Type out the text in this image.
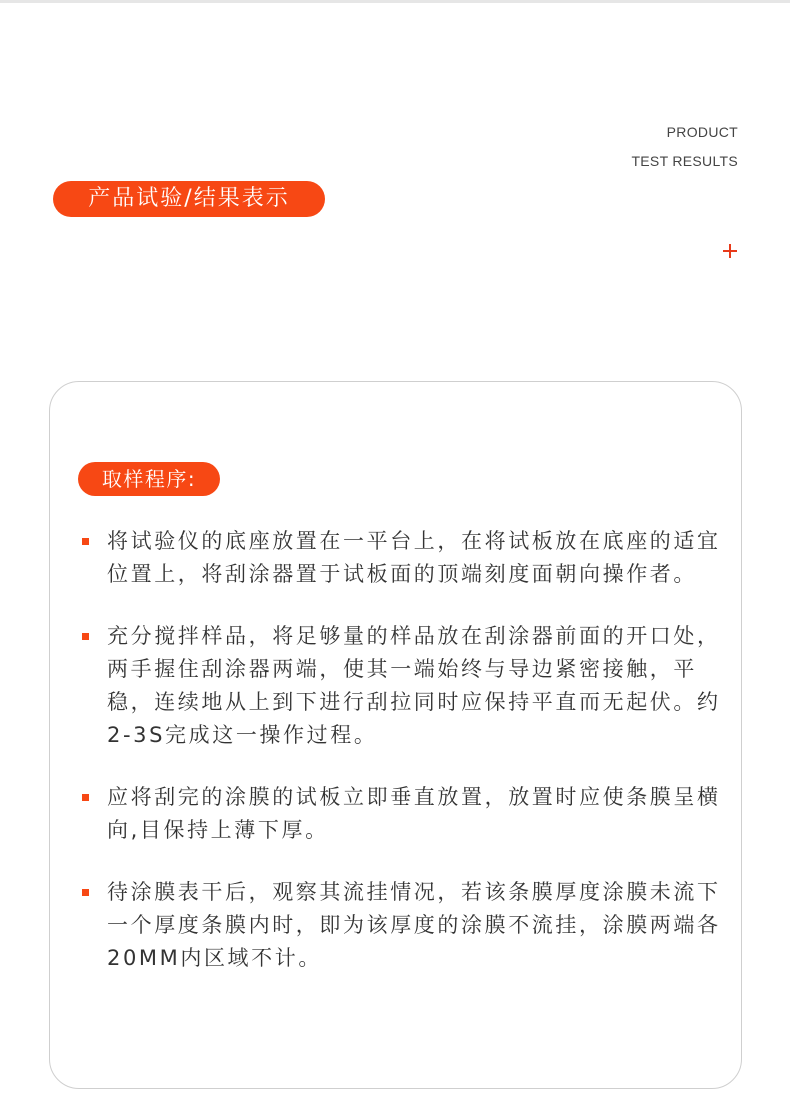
PRODUCT
TEST RESULTS
产品试验/结果表示
取样程序:
将试验仪的底座放置在一平台上，在将试板放在底座的适宜位置上，将刮涂器置于试板面的顶端刻度面朝向操作者。
充分搅拌样品，将足够量的样品放在刮涂器前面的开口处，两手握住刮涂器两端，使其一端始终与导边紧密接触，平稳，连续地从上到下进行刮拉同时应保持平直而无起伏。约2-3S完成这一操作过程。
应将刮完的涂膜的试板立即垂直放置，放置时应使条膜呈横向,目保持上薄下厚。
待涂膜表干后，观察其流挂情况，若该条膜厚度涂膜未流下一个厚度条膜内时，即为该厚度的涂膜不流挂，涂膜两端各20MM内区域不计。
